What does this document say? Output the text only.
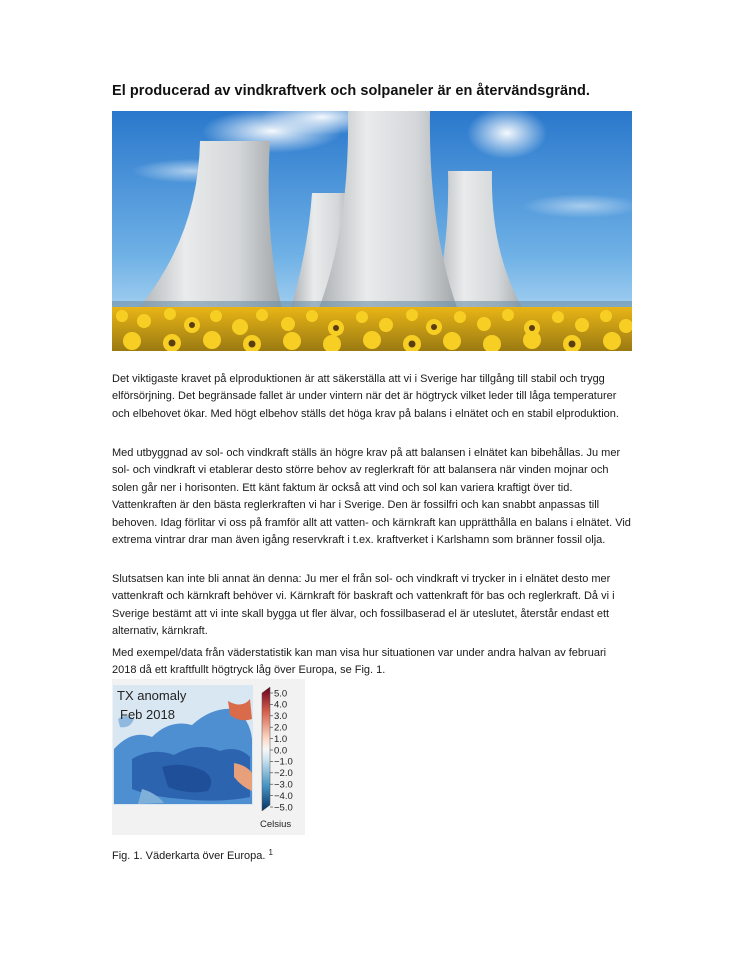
El producerad av vindkraftverk och solpaneler är en återvändsgränd.

Det viktigaste kravet på elproduktionen är att säkerställa att vi i Sverige har tillgång till stabil och trygg elförsörjning. Det begränsade fallet är under vintern när det är högtryck vilket leder till låga temperaturer och elbehovet ökar. Med högt elbehov ställs det höga krav på balans i elnätet och en stabil elproduktion.

Med utbyggnad av sol- och vindkraft ställs än högre krav på att balansen i elnätet kan bibehållas. Ju mer sol- och vindkraft vi etablerar desto större behov av reglerkraft för att balansera när vinden mojnar och solen går ner i horisonten. Ett känt faktum är också att vind och sol kan variera kraftigt över tid. Vattenkraften är den bästa reglerkraften vi har i Sverige. Den är fossilfri och kan snabbt anpassas till behoven. Idag förlitar vi oss på framför allt att vatten- och kärnkraft kan upprätthålla en balans i elnätet. Vid extrema vintrar drar man även igång reservkraft i t.ex. kraftverket i Karlshamn som bränner fossil olja.

Slutsatsen kan inte bli annat än denna: Ju mer el från sol- och vindkraft vi trycker in i elnätet desto mer vattenkraft och kärnkraft behöver vi. Kärnkraft för baskraft och vattenkraft för bas och reglerkraft. Då vi i Sverige bestämt att vi inte skall bygga ut fler älvar, och fossilbaserad el är uteslutet, återstår endast ett alternativ, kärnkraft.

Med exempel/data från väderstatistik kan man visa hur situationen var under andra halvan av februari 2018 då ett kraftfullt högtryck låg över Europa, se Fig. 1.

TX anomaly
Feb 2018
5.0
4.0
3.0
2.0
1.0
0.0
−1.0
−2.0
−3.0
−4.0
−5.0
Celsius
Fig. 1. Väderkarta över Europa. $^1$
